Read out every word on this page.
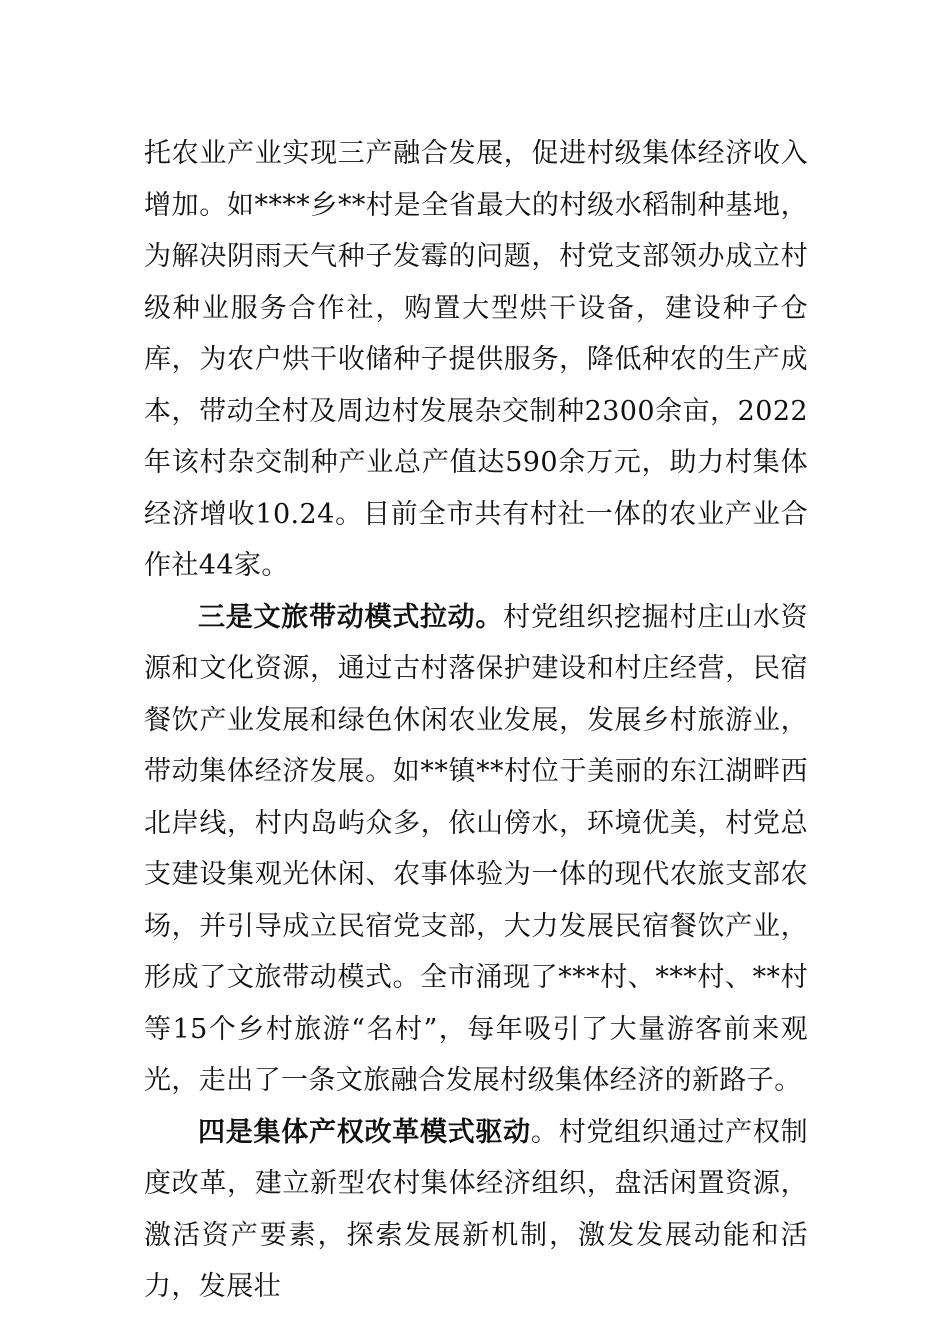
托农业产业实现三产融合发展，促进村级集体经济收入增加。如****乡**村是全省最大的村级水稻制种基地，为解决阴雨天气种子发霉的问题，村党支部领办成立村级种业服务合作社，购置大型烘干设备，建设种子仓库，为农户烘干收储种子提供服务，降低种农的生产成本，带动全村及周边村发展杂交制种2300余亩，2022年该村杂交制种产业总产值达590余万元，助力村集体经济增收10.24。目前全市共有村社一体的农业产业合作社44家。

三是文旅带动模式拉动。村党组织挖掘村庄山水资源和文化资源，通过古村落保护建设和村庄经营，民宿餐饮产业发展和绿色休闲农业发展，发展乡村旅游业，带动集体经济发展。如**镇**村位于美丽的东江湖畔西北岸线，村内岛屿众多，依山傍水，环境优美，村党总支建设集观光休闲、农事体验为一体的现代农旅支部农场，并引导成立民宿党支部，大力发展民宿餐饮产业，形成了文旅带动模式。全市涌现了***村、***村、**村等15个乡村旅游“名村”，每年吸引了大量游客前来观光，走出了一条文旅融合发展村级集体经济的新路子。

四是集体产权改革模式驱动。村党组织通过产权制度改革，建立新型农村集体经济组织，盘活闲置资源，激活资产要素，探索发展新机制，激发发展动能和活力，发展壮
